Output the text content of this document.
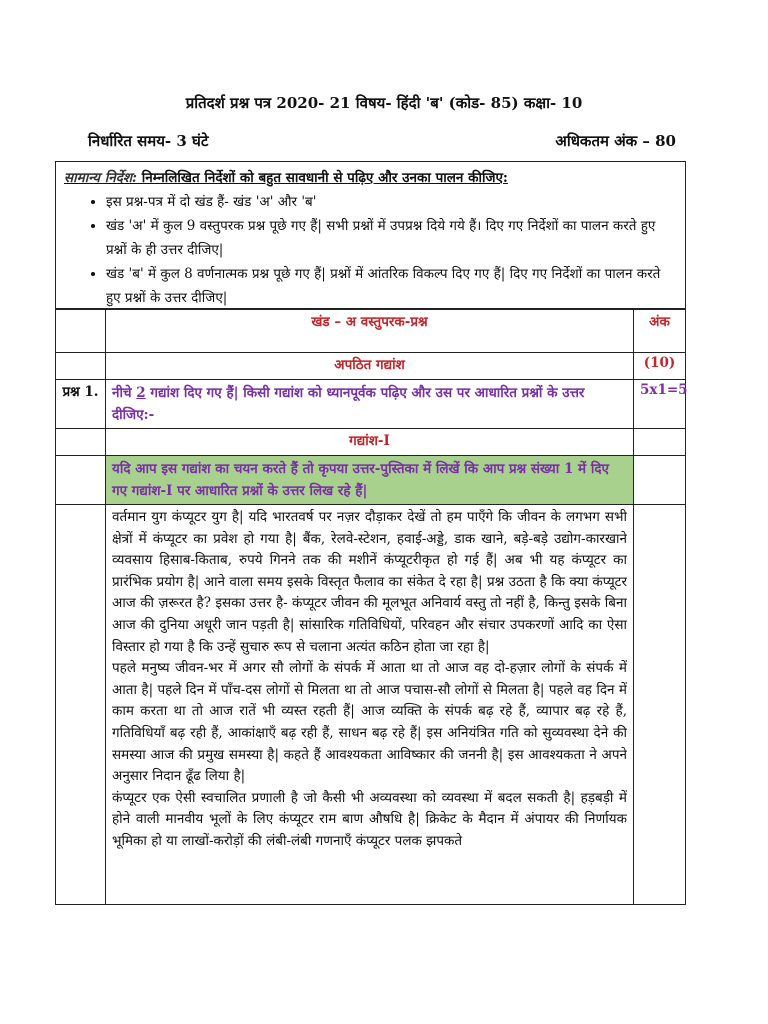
प्रतिदर्श प्रश्न पत्र 2020- 21 विषय- हिंदी 'ब' (कोड- 85) कक्षा- 10
निर्धारित समय- 3 घंटे	अधिकतम अंक – 80
सामान्य निर्देश: निम्नलिखित निर्देशों को बहुत सावधानी से पढ़िए और उनका पालन कीजिए:
• इस प्रश्न-पत्र में दो खंड हैं- खंड 'अ' और 'ब'
• खंड 'अ' में कुल 9 वस्तुपरक प्रश्न पूछे गए हैं| सभी प्रश्नों में उपप्रश्न दिये गये हैं। दिए गए निर्देशों का पालन करते हुए प्रश्नों के ही उत्तर दीजिए|
• खंड 'ब' में कुल 8 वर्णनात्मक प्रश्न पूछे गए हैं| प्रश्नों में आंतरिक विकल्प दिए गए हैं| दिए गए निर्देशों का पालन करते हुए प्रश्नों के उत्तर दीजिए|
	खंड – अ वस्तुपरक-प्रश्न	अंक
	अपठित गद्यांश	(10)
प्रश्न 1.	नीचे 2 गद्यांश दिए गए हैं| किसी गद्यांश को ध्यानपूर्वक पढ़िए और उस पर आधारित प्रश्नों के उत्तर दीजिए:-	5x1=5
	गद्यांश-I	
	यदि आप इस गद्यांश का चयन करते हैं तो कृपया उत्तर-पुस्तिका में लिखें कि आप प्रश्न संख्या 1 में दिए गए गद्यांश-I पर आधारित प्रश्नों के उत्तर लिख रहे हैं|	

	वर्तमान युग कंप्यूटर युग है| यदि भारतवर्ष पर नज़र दौड़ाकर देखें तो हम पाएँगे कि जीवन के लगभग सभी क्षेत्रों में कंप्यूटर का प्रवेश हो गया है| बैंक, रेलवे-स्टेशन, हवाई-अड्डे, डाक खाने, बड़े-बड़े उद्योग-कारखाने व्यवसाय हिसाब-किताब, रुपये गिनने तक की मशीनें कंप्यूटरीकृत हो गई हैं| अब भी यह कंप्यूटर का प्रारंभिक प्रयोग है| आने वाला समय इसके विस्तृत फैलाव का संकेत दे रहा है| प्रश्न उठता है कि क्या कंप्यूटर आज की ज़रूरत है? इसका उत्तर है- कंप्यूटर जीवन की मूलभूत अनिवार्य वस्तु तो नहीं है, किन्तु इसके बिना आज की दुनिया अधूरी जान पड़ती है| सांसारिक गतिविधियों, परिवहन और संचार उपकरणों आदि का ऐसा विस्तार हो गया है कि उन्हें सुचारु रूप से चलाना अत्यंत कठिन होता जा रहा है|

पहले मनुष्य जीवन-भर में अगर सौ लोगों के संपर्क में आता था तो आज वह दो-हज़ार लोगों के संपर्क में आता है| पहले दिन में पाँच-दस लोगों से मिलता था तो आज पचास-सौ लोगों से मिलता है| पहले वह दिन में काम करता था तो आज रातें भी व्यस्त रहती हैं| आज व्यक्ति के संपर्क बढ़ रहे हैं, व्यापार बढ़ रहे हैं, गतिविधियाँ बढ़ रही हैं, आकांक्षाएँ बढ़ रही हैं, साधन बढ़ रहे हैं| इस अनियंत्रित गति को सुव्यवस्था देने की समस्या आज की प्रमुख समस्या है| कहते हैं आवश्यकता आविष्कार की जननी है| इस आवश्यकता ने अपने अनुसार निदान ढूँढ लिया है|

कंप्यूटर एक ऐसी स्वचालित प्रणाली है जो कैसी भी अव्यवस्था को व्यवस्था में बदल सकती है| हड़बड़ी में होने वाली मानवीय भूलों के लिए कंप्यूटर राम बाण औषधि है| क्रिकेट के मैदान में अंपायर की निर्णायक भूमिका हो या लाखों-करोड़ों की लंबी-लंबी गणनाएँ कंप्यूटर पलक झपकते	
